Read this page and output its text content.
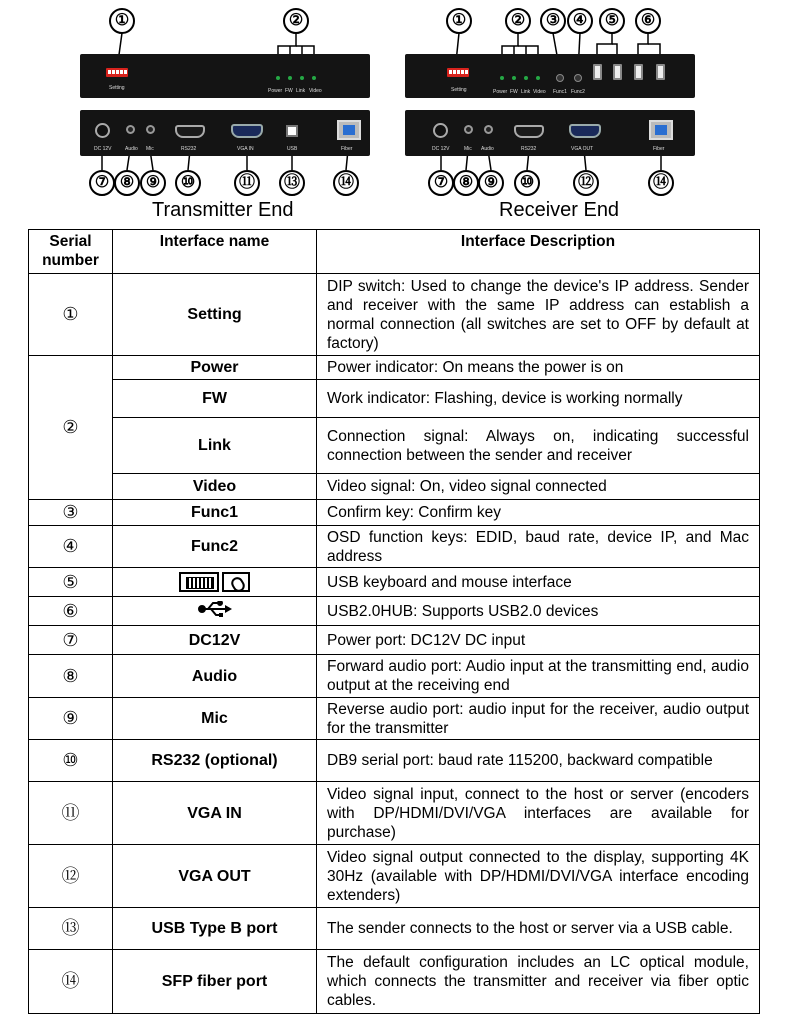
①	②	①	②	③ ④	⑤	⑥
Setting	Power FW Link Video	Setting	Power FW Link Video Func1 Func2
DC 12V	Audio Mic	RS232	VGA IN	USB	Fiber	DC 12V	Mic Audio	RS232	VGA OUT	Fiber
⑦ ⑧ ⑨	⑩	⑪	⑬	⑭	⑦ ⑧ ⑨	⑩	⑫	⑭
Transmitter End	Receiver End
Serial number	Interface name	Interface Description
①	Setting	DIP switch: Used to change the device's IP address. Sender and receiver with the same IP address can establish a normal connection (all switches are set to OFF by default at factory)
②	Power	Power indicator: On means the power is on
	FW	Work indicator: Flashing, device is working normally
	Link	Connection signal: Always on, indicating successful connection between the sender and receiver
	Video	Video signal: On, video signal connected
③	Func1	Confirm key: Confirm key
④	Func2	OSD function keys: EDID, baud rate, device IP, and Mac address
⑤		USB keyboard and mouse interface
⑥		USB2.0HUB: Supports USB2.0 devices
⑦	DC12V	Power port: DC12V DC input
⑧	Audio	Forward audio port: Audio input at the transmitting end, audio output at the receiving end
⑨	Mic	Reverse audio port: audio input for the receiver, audio output for the transmitter
⑩	RS232 (optional)	DB9 serial port: baud rate 115200, backward compatible
⑪	VGA IN	Video signal input, connect to the host or server (encoders with DP/HDMI/DVI/VGA interfaces are available for purchase)
⑫	VGA OUT	Video signal output connected to the display, supporting 4K 30Hz (available with DP/HDMI/DVI/VGA interface encoding extenders)
⑬	USB Type B port	The sender connects to the host or server via a USB cable.
⑭	SFP fiber port	The default configuration includes an LC optical module, which connects the transmitter and receiver via fiber optic cables.
